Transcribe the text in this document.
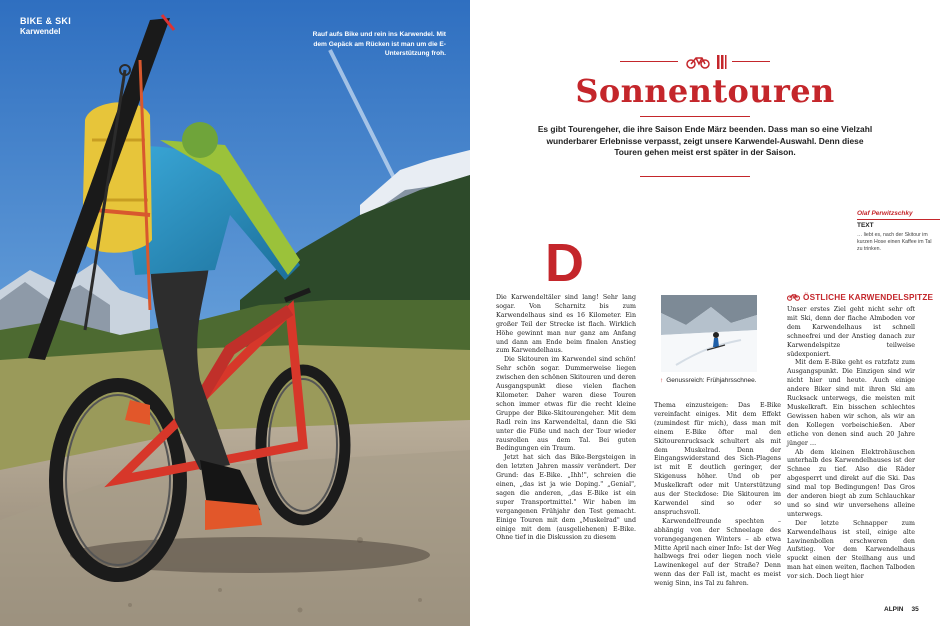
BIKE & SKI
Karwendel	Rauf aufs Bike und rein ins Karwendel. Mit dem Gepäck am Rücken ist man um die E-Unterstützung froh.
Sonnentouren
Es gibt Tourengeher, die ihre Saison Ende März beenden. Dass man so eine Vielzahl wunderbarer Erlebnisse verpasst, zeigt unsere Karwendel-Auswahl. Denn diese Touren gehen meist erst später in der Saison.
Olaf Perwitzschky
TEXT
… liebt es, nach der Skitour im kurzen Hose einen Kaffee im Tal zu trinken.
D

Die Karwendeltäler sind lang! Sehr lang sogar. Von Scharnitz bis zum Karwendelhaus sind es 16 Kilometer. Ein großer Teil der Strecke ist flach. Wirklich Höhe gewinnt man nur ganz am Anfang und dann am Ende beim finalen Anstieg zum Karwendelhaus.

Die Skitouren im Karwendel sind schön! Sehr schön sogar. Dummerweise liegen zwischen den schönen Skitouren und deren Ausgangspunkt diese vielen flachen Kilometer. Daher waren diese Touren schon immer etwas für die recht kleine Gruppe der Bike-Skitourengeher. Mit dem Radl rein ins Karwendeltal, dann die Ski unter die Füße und nach der Tour wieder rausrollen aus dem Tal. Bei guten Bedingungen ein Traum.

Jetzt hat sich das Bike-Bergsteigen in den letzten Jahren massiv verändert. Der Grund: das E-Bike. „Ihh!", schreien die einen, „das ist ja wie Doping." „Genial", sagen die anderen, „das E-Bike ist ein super Transportmittel." Wir haben im vergangenen Frühjahr den Test gemacht. Einige Touren mit dem „Muskelrad" und einige mit dem (ausgeliehenen) E-Bike. Ohne tief in die Diskussion zu diesem

↑ Genussreich: Frühjahrsschnee.

Thema einzusteigen: Das E-Bike vereinfacht einiges. Mit dem Effekt (zumindest für mich), dass man mit einem E-Bike öfter mal den Skitourenrucksack schultert als mit dem Muskelrad. Denn der Eingangswiderstand des Sich-Plagens ist mit E deutlich geringer, der Skigenuss höher. Und ob per Muskelkraft oder mit Unterstützung aus der Steckdose: Die Skitouren im Karwendel sind so oder so anspruchsvoll.

Karwendelfreunde spechten – abhängig von der Schneelage des vorangegangenen Winters – ab etwa Mitte April nach einer Info: Ist der Weg halbwegs frei oder liegen noch viele Lawinenkegel auf der Straße? Denn wenn das der Fall ist, macht es meist wenig Sinn, ins Tal zu fahren.

ÖSTLICHE KARWENDELSPITZE

Unser erstes Ziel geht nicht sehr oft mit Ski, denn der flache Almboden vor dem Karwendelhaus ist schnell schneefrei und der Anstieg danach zur Karwendelspitze teilweise südexponiert.

Mit dem E-Bike geht es ratzfatz zum Ausgangspunkt. Die Einzigen sind wir nicht hier und heute. Auch einige andere Biker sind mit ihren Ski am Rucksack unterwegs, die meisten mit Muskelkraft. Ein bisschen schlechtes Gewissen haben wir schon, als wir an den Kollegen vorbeischießen. Aber etliche von denen sind auch 20 Jahre jünger …

Ab dem kleinen Elektrohäuschen unterhalb des Karwendelhauses ist der Schnee zu tief. Also die Räder abgesperrt und direkt auf die Ski. Das sind mal top Bedingungen! Das Gros der anderen biegt ab zum Schlauchkar und so sind wir unversehens alleine unterwegs.

Der letzte Schnapper zum Karwendelhaus ist steil, einige alte Lawinenbollen erschweren den Aufstieg. Vor dem Karwendelhaus spuckt einen der Steilhang aus und man hat einen weiten, flachen Talboden vor sich. Doch liegt hier

ALPIN 35
